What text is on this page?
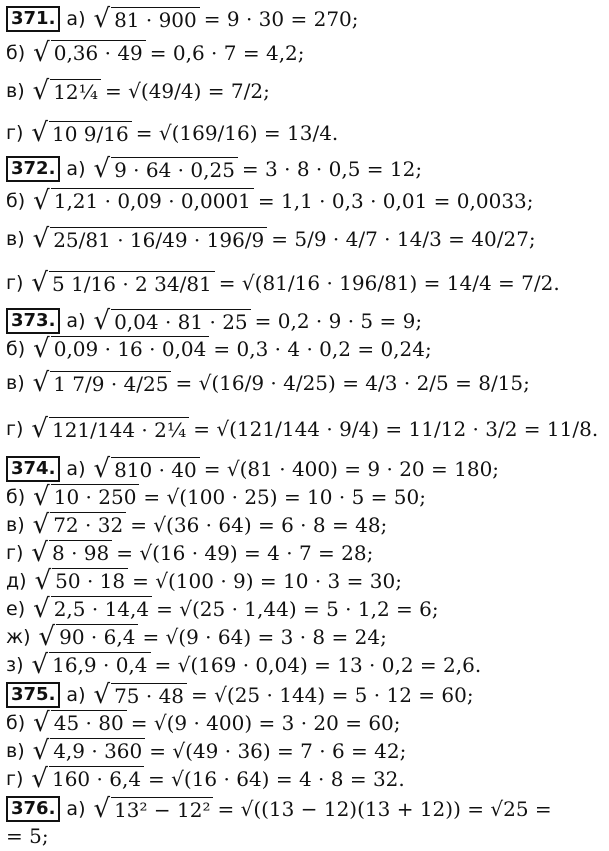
371. а) √ 81 · 900 = 9 · 30 = 270;
б) √ 0,36 · 49 = 0,6 · 7 = 4,2;
в) √ 12¼ = √(49/4) = 7/2;
г) √ 10 9/16 = √(169/16) = 13/4.
372. а) √ 9 · 64 · 0,25 = 3 · 8 · 0,5 = 12;
б) √ 1,21 · 0,09 · 0,0001 = 1,1 · 0,3 · 0,01 = 0,0033;
в) √ 25/81 · 16/49 · 196/9 = 5/9 · 4/7 · 14/3 = 40/27;
г) √ 5 1/16 · 2 34/81 = √(81/16 · 196/81) = 14/4 = 7/2.
373. а) √ 0,04 · 81 · 25 = 0,2 · 9 · 5 = 9;
б) √ 0,09 · 16 · 0,04 = 0,3 · 4 · 0,2 = 0,24;
в) √ 1 7/9 · 4/25 = √(16/9 · 4/25) = 4/3 · 2/5 = 8/15;
г) √ 121/144 · 2¼ = √(121/144 · 9/4) = 11/12 · 3/2 = 11/8.
374. а) √ 810 · 40 = √(81 · 400) = 9 · 20 = 180;
б) √ 10 · 250 = √(100 · 25) = 10 · 5 = 50;
в) √ 72 · 32 = √(36 · 64) = 6 · 8 = 48;
г) √ 8 · 98 = √(16 · 49) = 4 · 7 = 28;
д) √ 50 · 18 = √(100 · 9) = 10 · 3 = 30;
е) √ 2,5 · 14,4 = √(25 · 1,44) = 5 · 1,2 = 6;
ж) √ 90 · 6,4 = √(9 · 64) = 3 · 8 = 24;
з) √ 16,9 · 0,4 = √(169 · 0,04) = 13 · 0,2 = 2,6.
375. а) √ 75 · 48 = √(25 · 144) = 5 · 12 = 60;
б) √ 45 · 80 = √(9 · 400) = 3 · 20 = 60;
в) √ 4,9 · 360 = √(49 · 36) = 7 · 6 = 42;
г) √ 160 · 6,4 = √(16 · 64) = 4 · 8 = 32.
376. а) √ 13² − 12² = √((13 − 12)(13 + 12)) = √25 =
= 5;
